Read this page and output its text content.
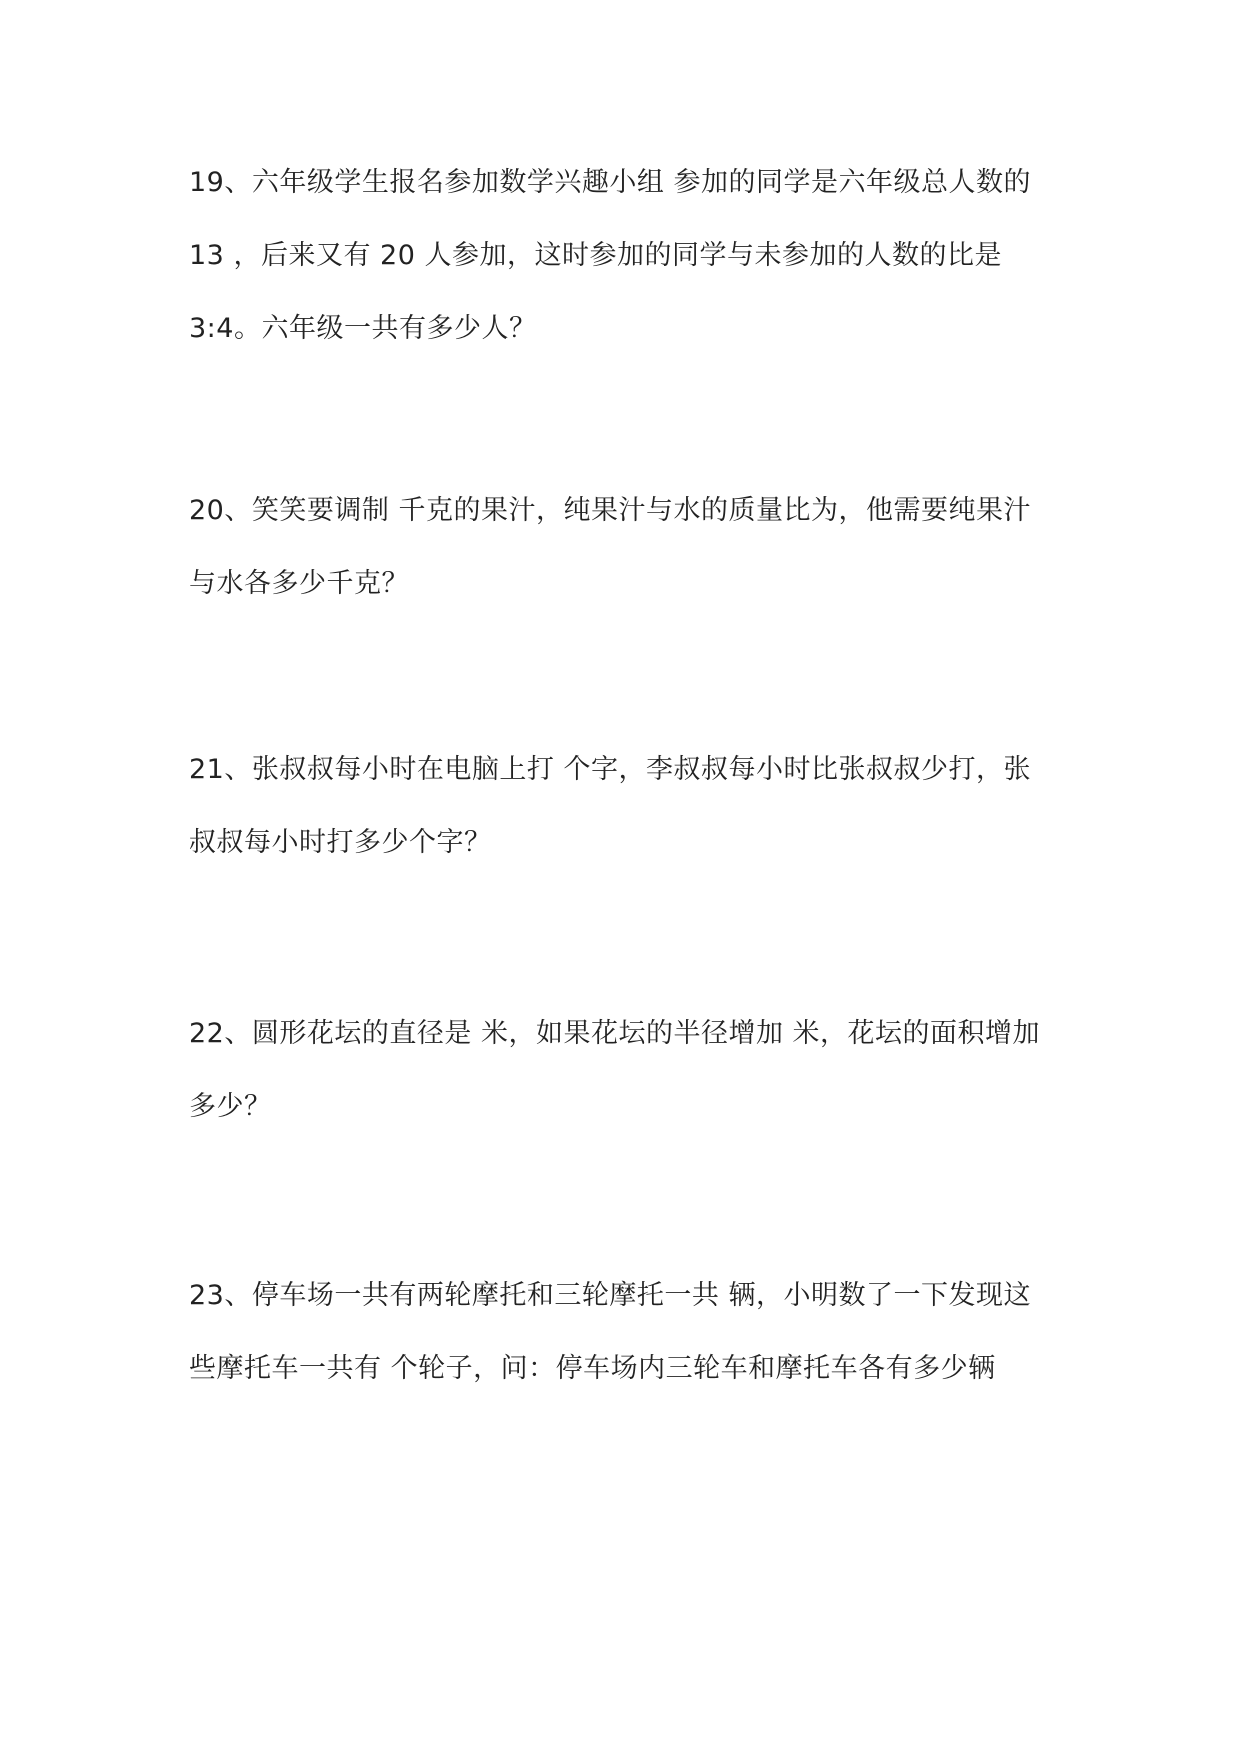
19、六年级学生报名参加数学兴趣小组 参加的同学是六年级总人数的
13 ，后来又有 20 人参加，这时参加的同学与未参加的人数的比是
3:4。六年级一共有多少人？
20、笑笑要调制 千克的果汁，纯果汁与水的质量比为，他需要纯果汁
与水各多少千克？
21、张叔叔每小时在电脑上打 个字，李叔叔每小时比张叔叔少打，张
叔叔每小时打多少个字？
22、圆形花坛的直径是 米，如果花坛的半径增加 米，花坛的面积增加
多少？
23、停车场一共有两轮摩托和三轮摩托一共 辆，小明数了一下发现这
些摩托车一共有 个轮子，问：停车场内三轮车和摩托车各有多少辆
